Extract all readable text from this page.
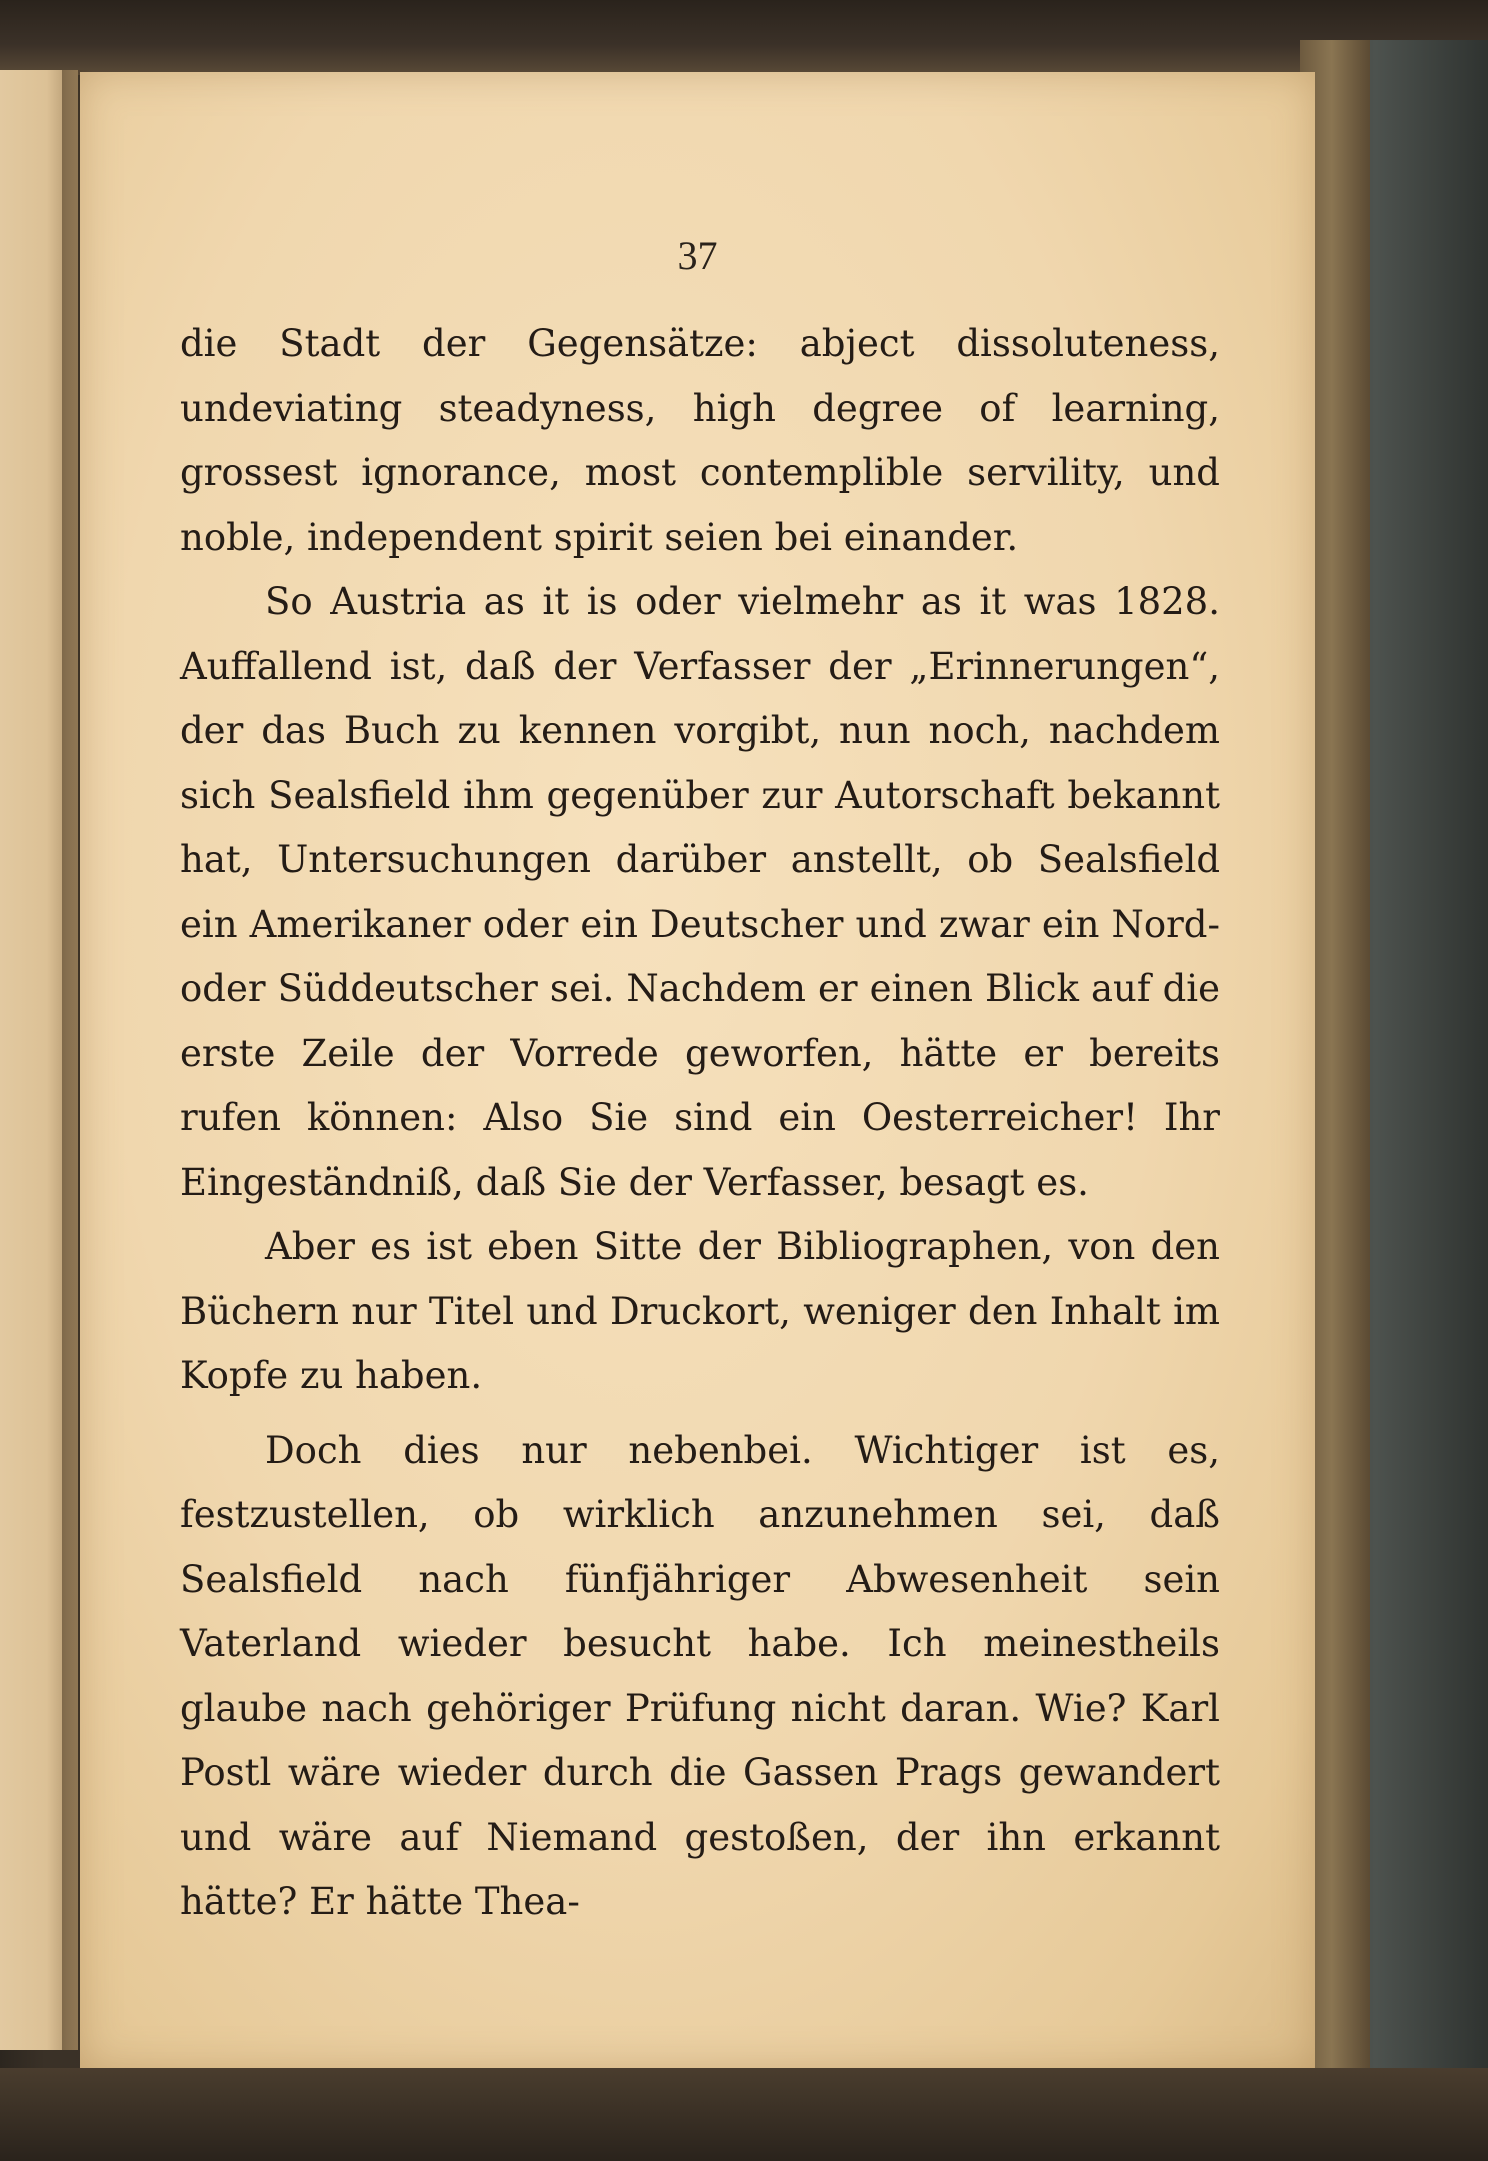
37

die Stadt der Gegensätze: abject dissoluteness, undeviating steadyness, high degree of learning, grossest ignorance, most contemplible servility, und noble, independent spirit seien bei einander.

So Austria as it is oder vielmehr as it was 1828. Auffallend ist, daß der Verfasser der „Erinnerungen“, der das Buch zu kennen vorgibt, nun noch, nachdem sich Sealsfield ihm gegenüber zur Autorschaft bekannt hat, Untersuchungen darüber anstellt, ob Sealsfield ein Amerikaner oder ein Deutscher und zwar ein Nord- oder Süddeutscher sei. Nachdem er einen Blick auf die erste Zeile der Vorrede geworfen, hätte er bereits rufen können: Also Sie sind ein Oesterreicher! Ihr Eingeständniß, daß Sie der Verfasser, besagt es.

Aber es ist eben Sitte der Bibliographen, von den Büchern nur Titel und Druckort, weniger den Inhalt im Kopfe zu haben.

Doch dies nur nebenbei. Wichtiger ist es, festzustellen, ob wirklich anzunehmen sei, daß Sealsfield nach fünfjähriger Abwesenheit sein Vaterland wieder besucht habe. Ich meinestheils glaube nach gehöriger Prüfung nicht daran. Wie? Karl Postl wäre wieder durch die Gassen Prags gewandert und wäre auf Niemand gestoßen, der ihn erkannt hätte? Er hätte Thea-
